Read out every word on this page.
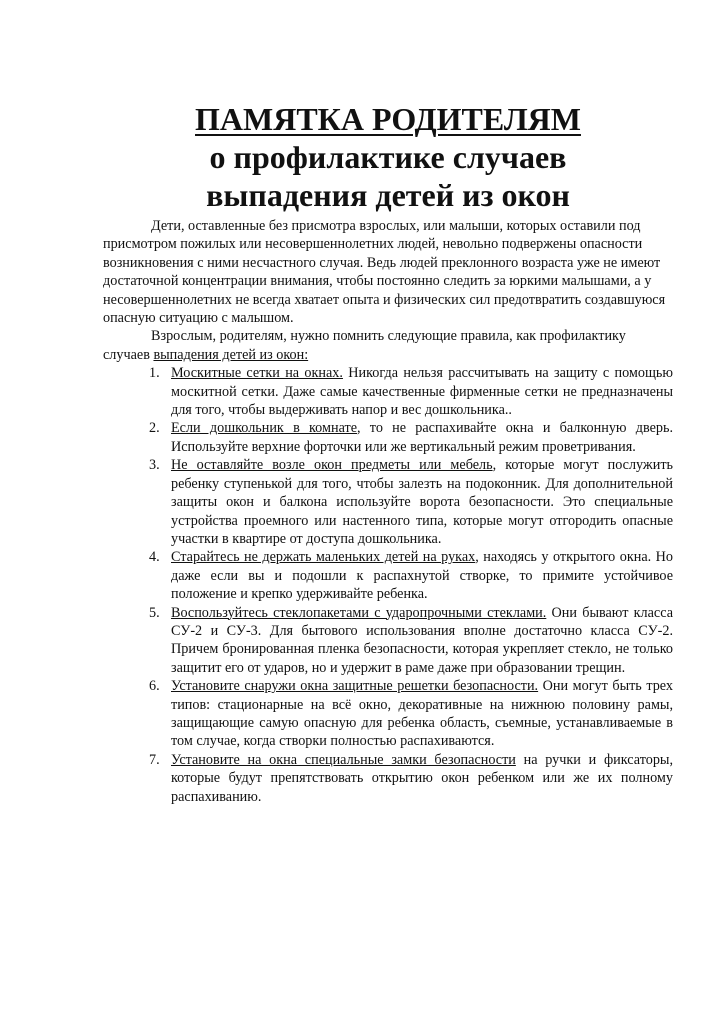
ПАМЯТКА РОДИТЕЛЯМ
о профилактике случаев
выпадения детей из окон

Дети, оставленные без присмотра взрослых, или малыши, которых оставили под присмотром пожилых или несовершеннолетних людей, невольно подвержены опасности возникновения с ними несчастного случая. Ведь людей преклонного возраста уже не имеют достаточной концентрации внимания, чтобы постоянно следить за юркими малышами, а у несовершеннолетних не всегда хватает опыта и физических сил предотвратить создавшуюся опасную ситуацию с малышом.

Взрослым, родителям, нужно помнить следующие правила, как профилактику случаев выпадения детей из окон:

1. Москитные сетки на окнах. Никогда нельзя рассчитывать на защиту с помощью москитной сетки. Даже самые качественные фирменные сетки не предназначены для того, чтобы выдерживать напор и вес дошкольника..
2. Если дошкольник в комнате, то не распахивайте окна и балконную дверь. Используйте верхние форточки или же вертикальный режим проветривания.
3. Не оставляйте возле окон предметы или мебель, которые могут послужить ребенку ступенькой для того, чтобы залезть на подоконник. Для дополнительной защиты окон и балкона используйте ворота безопасности. Это специальные устройства проемного или настенного типа, которые могут отгородить опасные участки в квартире от доступа дошкольника.
4. Старайтесь не держать маленьких детей на руках, находясь у открытого окна. Но даже если вы и подошли к распахнутой створке, то примите устойчивое положение и крепко удерживайте ребенка.
5. Воспользуйтесь стеклопакетами с ударопрочными стеклами. Они бывают класса СУ-2 и СУ-3. Для бытового использования вполне достаточно класса СУ-2. Причем бронированная пленка безопасности, которая укрепляет стекло, не только защитит его от ударов, но и удержит в раме даже при образовании трещин.
6. Установите снаружи окна защитные решетки безопасности. Они могут быть трех типов: стационарные на всё окно, декоративные на нижнюю половину рамы, защищающие самую опасную для ребенка область, съемные, устанавливаемые в том случае, когда створки полностью распахиваются.
7. Установите на окна специальные замки безопасности на ручки и фиксаторы, которые будут препятствовать открытию окон ребенком или же их полному распахиванию.
